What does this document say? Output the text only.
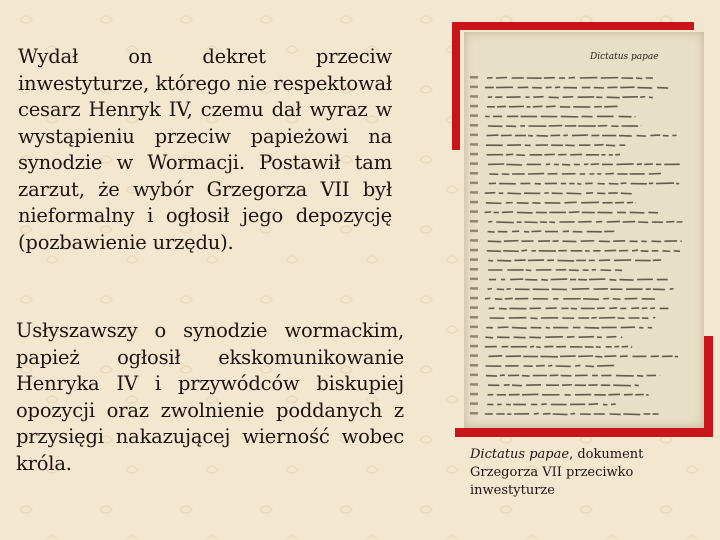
Wydał on dekret przeciw inwestyturze, którego nie respektował cesarz Henryk IV, czemu dał wyraz w wystąpieniu przeciw papieżowi na synodzie w Wormacji. Postawił tam zarzut, że wybór Grzegorza VII był nieformalny i ogłosił jego depozycję (pozbawienie urzędu).
Usłyszawszy o synodzie wormackim, papież ogłosił ekskomunikowanie Henryka IV i przywódców biskupiej opozycji oraz zwolnienie poddanych z przysięgi nakazującej wierność wobec króla.
Dictatus papae
Dictatus papae, dokument Grzegorza VII przeciwko inwestyturze
